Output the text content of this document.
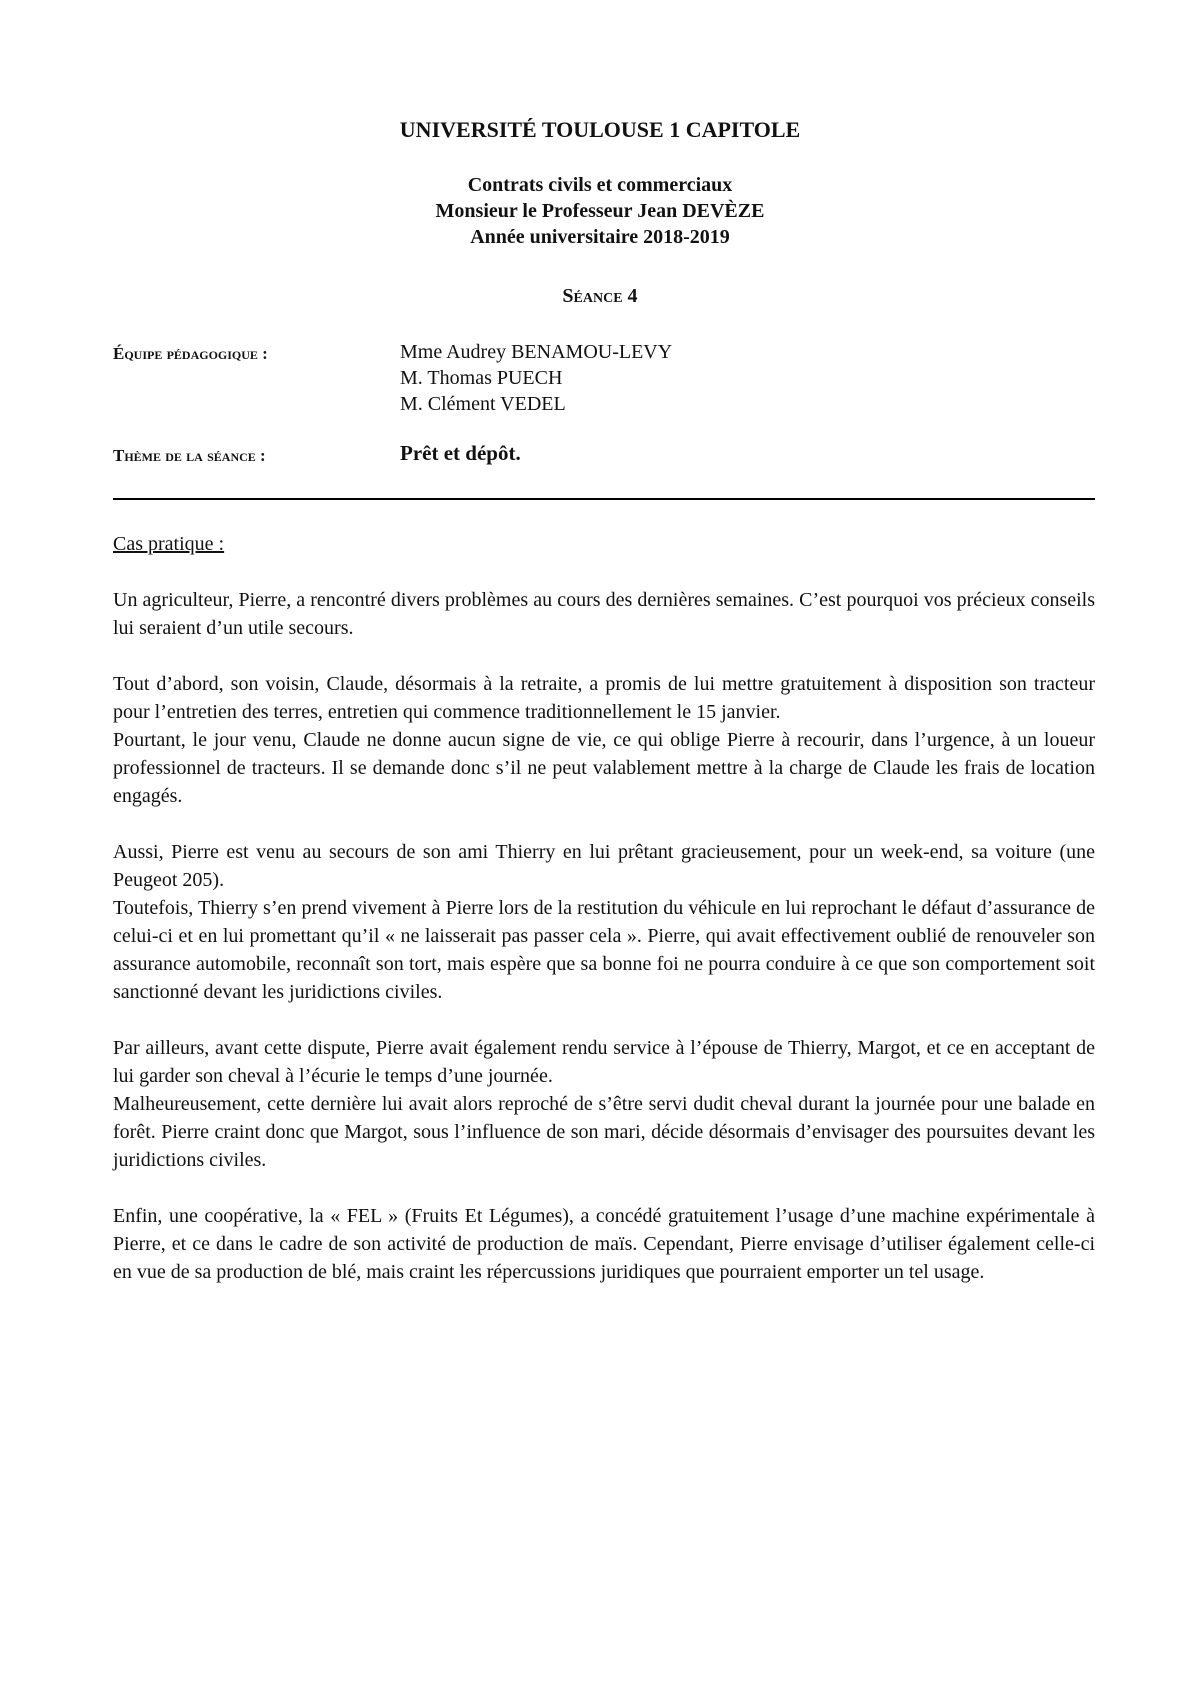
UNIVERSITÉ TOULOUSE 1 CAPITOLE
Contrats civils et commerciaux
Monsieur le Professeur Jean DEVÈZE
Année universitaire 2018-2019
Séance 4
Équipe pédagogique :	Mme Audrey BENAMOU-LEVY
M. Thomas PUECH
M. Clément VEDEL
Thème de la séance :	Prêt et dépôt.

Cas pratique :

Un agriculteur, Pierre, a rencontré divers problèmes au cours des dernières semaines. C’est pourquoi vos précieux conseils lui seraient d’un utile secours.

Tout d’abord, son voisin, Claude, désormais à la retraite, a promis de lui mettre gratuitement à disposition son tracteur pour l’entretien des terres, entretien qui commence traditionnellement le 15 janvier.

Pourtant, le jour venu, Claude ne donne aucun signe de vie, ce qui oblige Pierre à recourir, dans l’urgence, à un loueur professionnel de tracteurs. Il se demande donc s’il ne peut valablement mettre à la charge de Claude les frais de location engagés.

Aussi, Pierre est venu au secours de son ami Thierry en lui prêtant gracieusement, pour un week-end, sa voiture (une Peugeot 205).

Toutefois, Thierry s’en prend vivement à Pierre lors de la restitution du véhicule en lui reprochant le défaut d’assurance de celui-ci et en lui promettant qu’il « ne laisserait pas passer cela ». Pierre, qui avait effectivement oublié de renouveler son assurance automobile, reconnaît son tort, mais espère que sa bonne foi ne pourra conduire à ce que son comportement soit sanctionné devant les juridictions civiles.

Par ailleurs, avant cette dispute, Pierre avait également rendu service à l’épouse de Thierry, Margot, et ce en acceptant de lui garder son cheval à l’écurie le temps d’une journée.

Malheureusement, cette dernière lui avait alors reproché de s’être servi dudit cheval durant la journée pour une balade en forêt. Pierre craint donc que Margot, sous l’influence de son mari, décide désormais d’envisager des poursuites devant les juridictions civiles.

Enfin, une coopérative, la « FEL » (Fruits Et Légumes), a concédé gratuitement l’usage d’une machine expérimentale à Pierre, et ce dans le cadre de son activité de production de maïs. Cependant, Pierre envisage d’utiliser également celle-ci en vue de sa production de blé, mais craint les répercussions juridiques que pourraient emporter un tel usage.
